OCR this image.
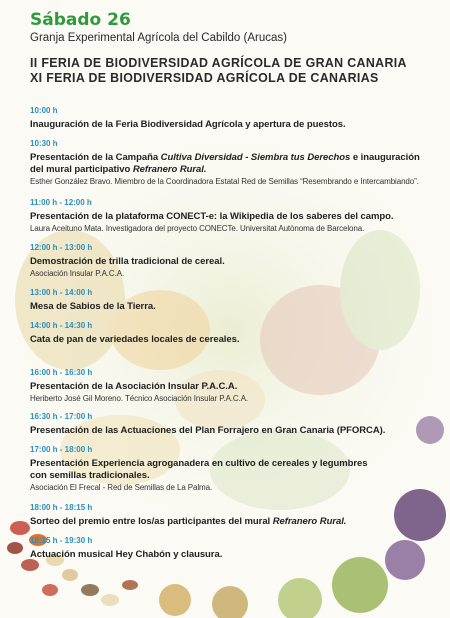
Sábado 26
Granja Experimental Agrícola del Cabildo (Arucas)
II FERIA DE BIODIVERSIDAD AGRÍCOLA DE GRAN CANARIA
XI FERIA DE BIODIVERSIDAD AGRÍCOLA DE CANARIAS
10:00 h
Inauguración de la Feria Biodiversidad Agrícola y apertura de puestos.
10:30 h
Presentación de la Campaña Cultiva Diversidad - Siembra tus Derechos e inauguración
del mural participativo Refranero Rural.
Esther González Bravo. Miembro de la Coordinadora Estatal Red de Semillas “Resembrando e Intercambiando”.
11:00 h - 12:00 h
Presentación de la plataforma CONECT-e: la Wikipedia de los saberes del campo.
Laura Aceituno Mata. Investigadora del proyecto CONECTe. Universitat Autònoma de Barcelona.
12:00 h - 13:00 h
Demostración de trilla tradicional de cereal.
Asociación Insular P.A.C.A.
13:00 h - 14:00 h
Mesa de Sabios de la Tierra.
14:00 h - 14:30 h
Cata de pan de variedades locales de cereales.
16:00 h - 16:30 h
Presentación de la Asociación Insular P.A.C.A.
Heriberto José Gil Moreno. Técnico Asociación Insular P.A.C.A.
16:30 h - 17:00 h
Presentación de las Actuaciones del Plan Forrajero en Gran Canaria (PFORCA).
17:00 h - 18:00 h
Presentación Experiencia agroganadera en cultivo de cereales y legumbres
con semillas tradicionales.
Asociación El Frecal - Red de Semillas de La Palma.
18:00 h - 18:15 h
Sorteo del premio entre los/as participantes del mural Refranero Rural.
18:15 h - 19:30 h
Actuación musical Hey Chabón y clausura.
